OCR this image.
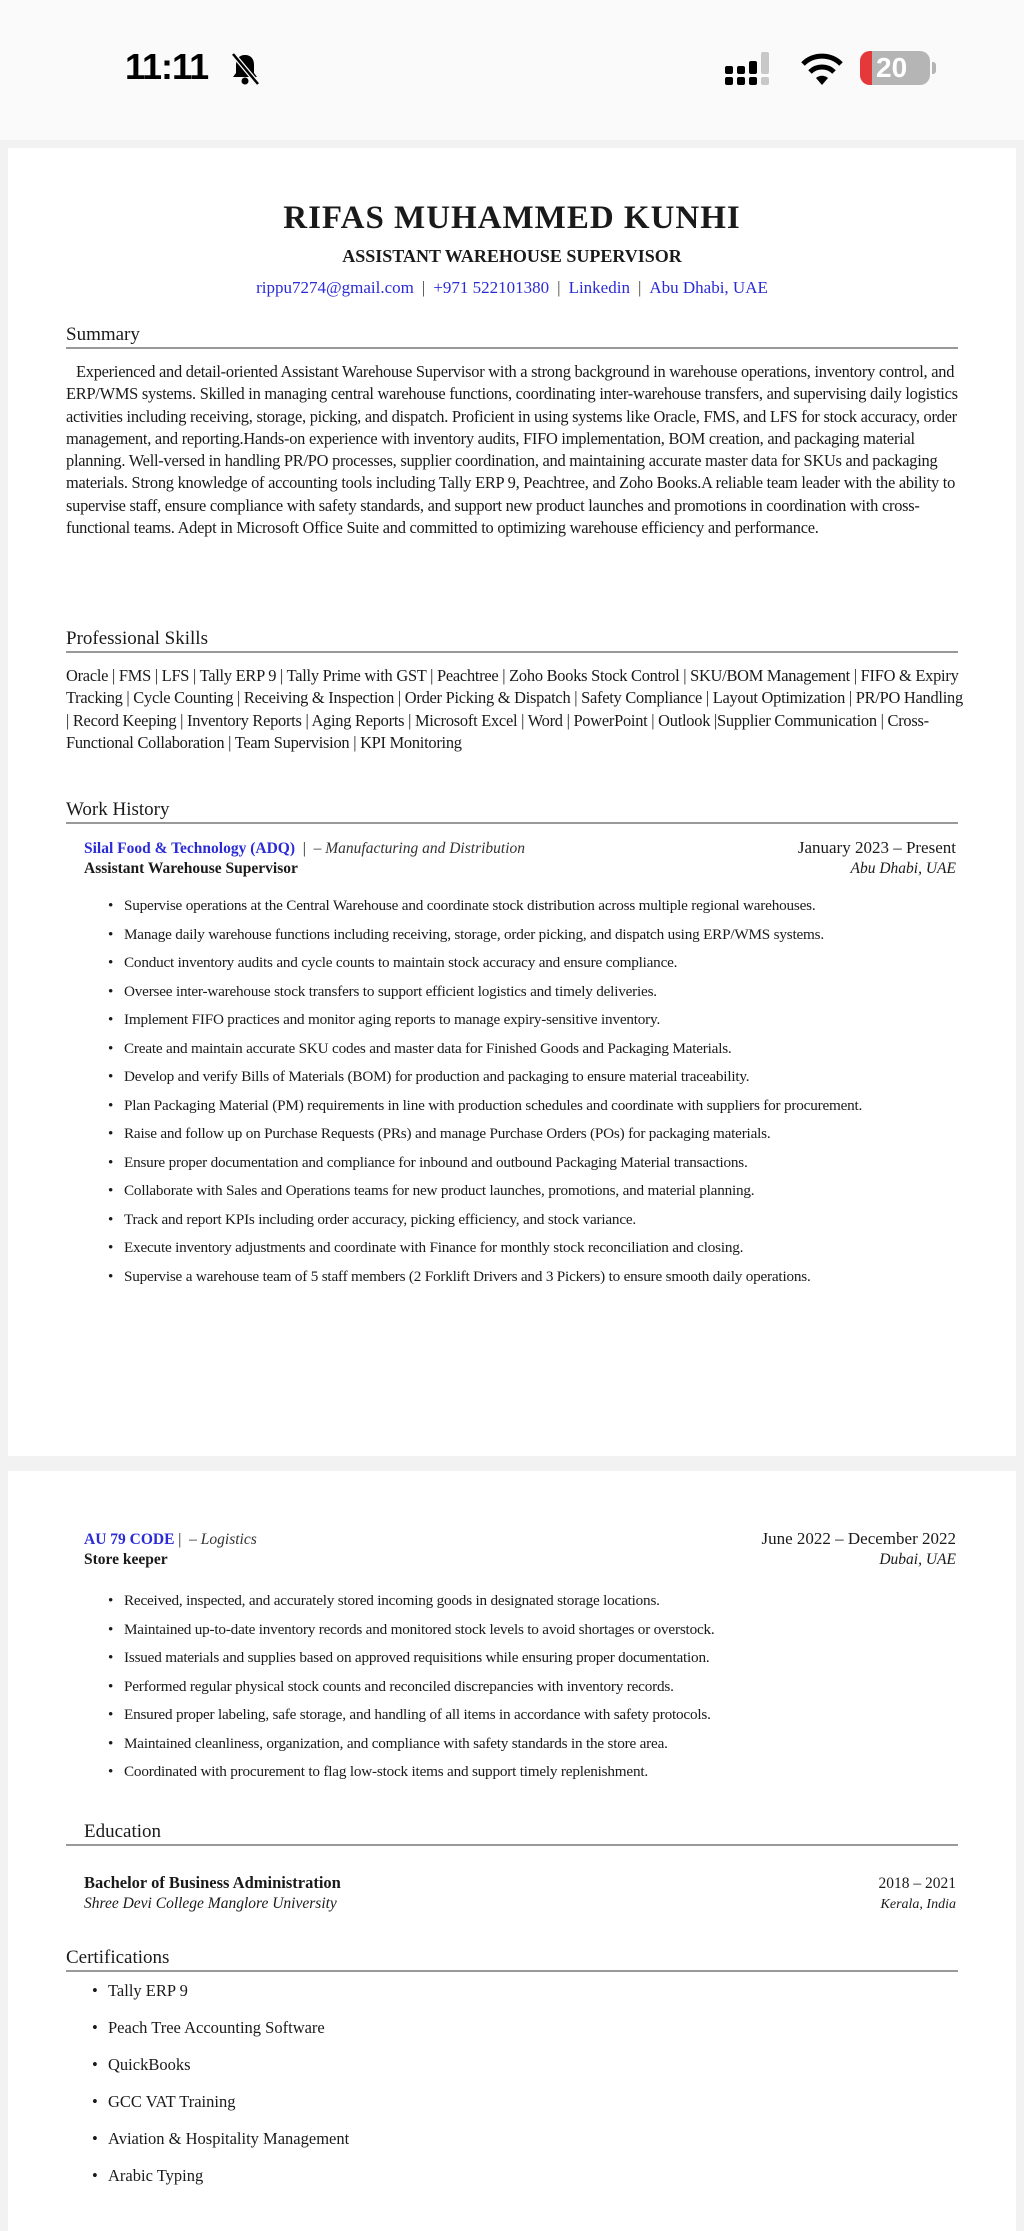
11:11	20
RIFAS MUHAMMED KUNHI
ASSISTANT WAREHOUSE SUPERVISOR
rippu7274@gmail.com | +971 522101380 | Linkedin | Abu Dhabi, UAE
Summary
Experienced and detail-oriented Assistant Warehouse Supervisor with a strong background in warehouse operations, inventory control, and ERP/WMS systems. Skilled in managing central warehouse functions, coordinating inter-warehouse transfers, and supervising daily logistics activities including receiving, storage, picking, and dispatch. Proficient in using systems like Oracle, FMS, and LFS for stock accuracy, order management, and reporting.Hands-on experience with inventory audits, FIFO implementation, BOM creation, and packaging material planning. Well-versed in handling PR/PO processes, supplier coordination, and maintaining accurate master data for SKUs and packaging materials. Strong knowledge of accounting tools including Tally ERP 9, Peachtree, and Zoho Books.A reliable team leader with the ability to supervise staff, ensure compliance with safety standards, and support new product launches and promotions in coordination with cross-functional teams. Adept in Microsoft Office Suite and committed to optimizing warehouse efficiency and performance.
Professional Skills
Oracle | FMS | LFS | Tally ERP 9 | Tally Prime with GST | Peachtree | Zoho Books Stock Control | SKU/BOM Management | FIFO & Expiry Tracking | Cycle Counting | Receiving & Inspection | Order Picking & Dispatch | Safety Compliance | Layout Optimization | PR/PO Handling | Record Keeping | Inventory Reports | Aging Reports | Microsoft Excel | Word | PowerPoint | Outlook |Supplier Communication | Cross-Functional Collaboration | Team Supervision | KPI Monitoring
Work History
Silal Food & Technology (ADQ) | – Manufacturing and Distribution	January 2023 – Present
Assistant Warehouse Supervisor	Abu Dhabi, UAE
• Supervise operations at the Central Warehouse and coordinate stock distribution across multiple regional warehouses.
• Manage daily warehouse functions including receiving, storage, order picking, and dispatch using ERP/WMS systems.
• Conduct inventory audits and cycle counts to maintain stock accuracy and ensure compliance.
• Oversee inter-warehouse stock transfers to support efficient logistics and timely deliveries.
• Implement FIFO practices and monitor aging reports to manage expiry-sensitive inventory.
• Create and maintain accurate SKU codes and master data for Finished Goods and Packaging Materials.
• Develop and verify Bills of Materials (BOM) for production and packaging to ensure material traceability.
• Plan Packaging Material (PM) requirements in line with production schedules and coordinate with suppliers for procurement.
• Raise and follow up on Purchase Requests (PRs) and manage Purchase Orders (POs) for packaging materials.
• Ensure proper documentation and compliance for inbound and outbound Packaging Material transactions.
• Collaborate with Sales and Operations teams for new product launches, promotions, and material planning.
• Track and report KPIs including order accuracy, picking efficiency, and stock variance.
• Execute inventory adjustments and coordinate with Finance for monthly stock reconciliation and closing.
• Supervise a warehouse team of 5 staff members (2 Forklift Drivers and 3 Pickers) to ensure smooth daily operations.
AU 79 CODE | – Logistics	June 2022 – December 2022
Store keeper	Dubai, UAE
• Received, inspected, and accurately stored incoming goods in designated storage locations.
• Maintained up-to-date inventory records and monitored stock levels to avoid shortages or overstock.
• Issued materials and supplies based on approved requisitions while ensuring proper documentation.
• Performed regular physical stock counts and reconciled discrepancies with inventory records.
• Ensured proper labeling, safe storage, and handling of all items in accordance with safety protocols.
• Maintained cleanliness, organization, and compliance with safety standards in the store area.
• Coordinated with procurement to flag low-stock items and support timely replenishment.
Education
Bachelor of Business Administration	2018 – 2021
Shree Devi College Manglore University	Kerala, India
Certifications
• Tally ERP 9
• Peach Tree Accounting Software
• QuickBooks
• GCC VAT Training
• Aviation & Hospitality Management
• Arabic Typing
